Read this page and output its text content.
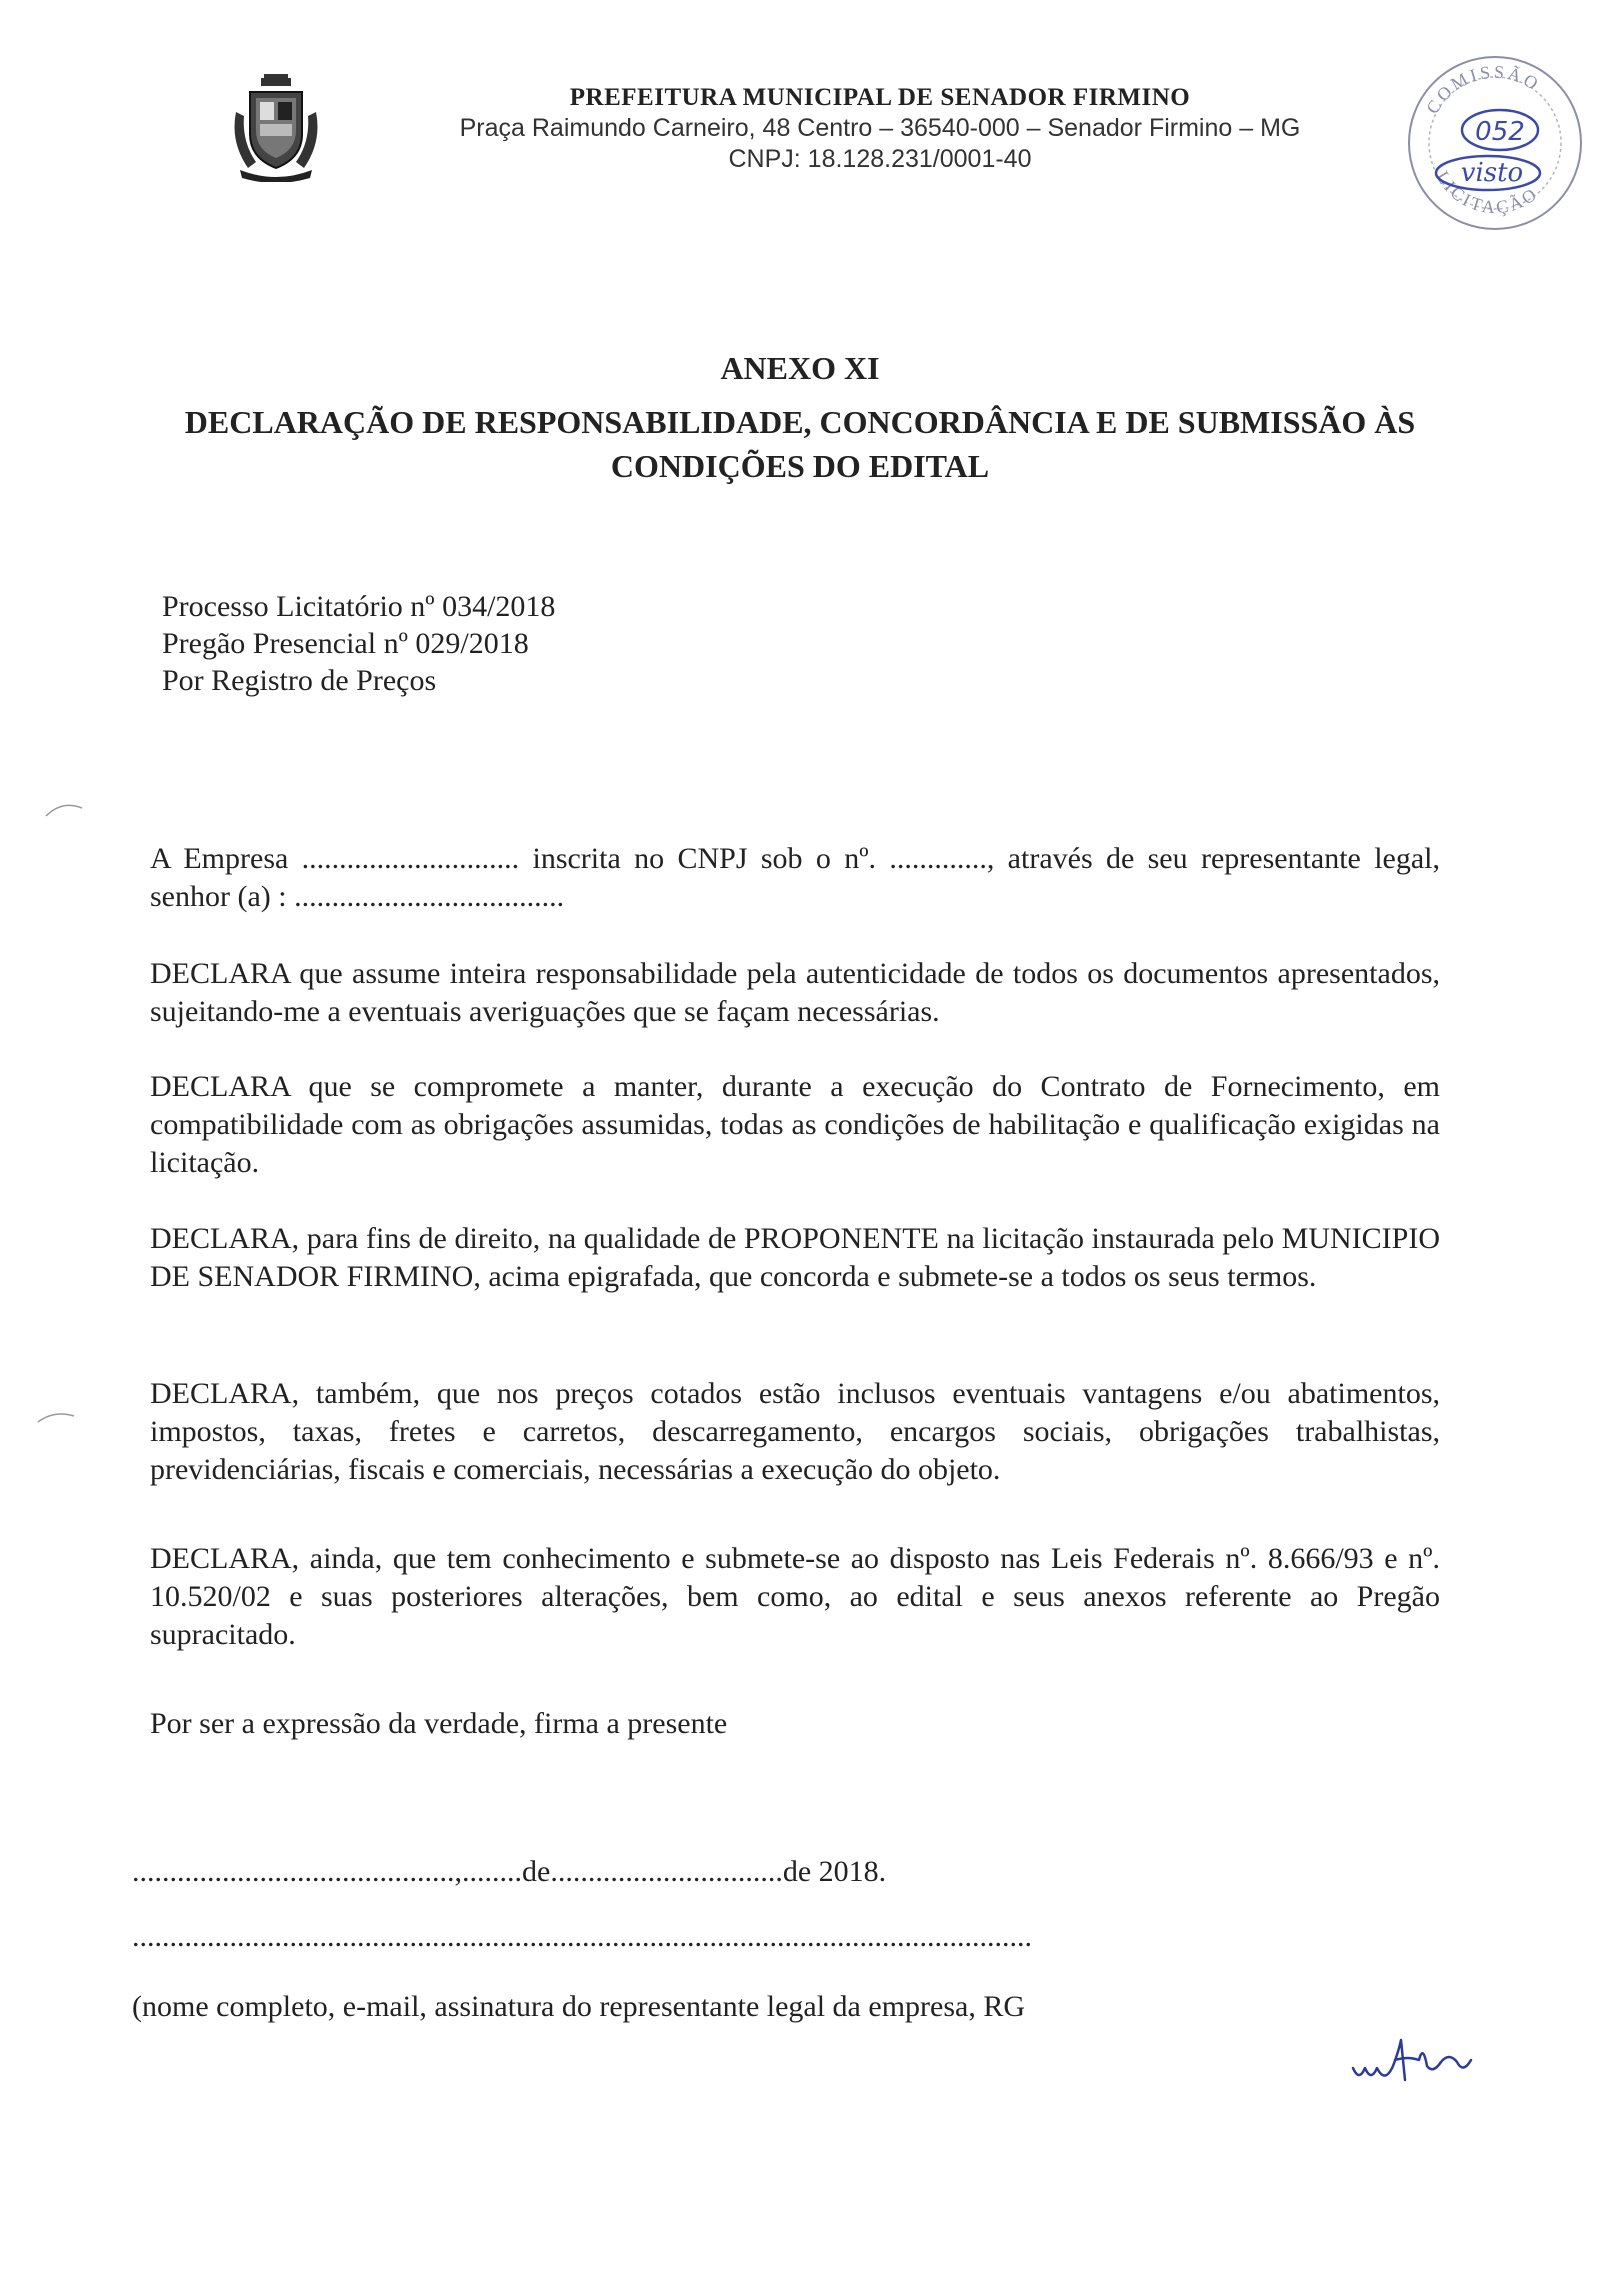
PREFEITURA MUNICIPAL DE SENADOR FIRMINO
Praça Raimundo Carneiro, 48 Centro – 36540-000 – Senador Firmino – MG
CNPJ: 18.128.231/0001-40
COMISSÃO
LICITAÇÃO
052
visto
ANEXO XI
DECLARAÇÃO DE RESPONSABILIDADE, CONCORDÂNCIA E DE SUBMISSÃO ÀS
CONDIÇÕES DO EDITAL
Processo Licitatório nº 034/2018
Pregão Presencial nº 029/2018
Por Registro de Preços
A Empresa ............................. inscrita no CNPJ sob o nº. ............., através de seu representante legal, senhor (a) : ....................................
DECLARA que assume inteira responsabilidade pela autenticidade de todos os documentos apresentados, sujeitando-me a eventuais averiguações que se façam necessárias.
DECLARA que se compromete a manter, durante a execução do Contrato de Fornecimento, em compatibilidade com as obrigações assumidas, todas as condições de habilitação e qualificação exigidas na licitação.
DECLARA, para fins de direito, na qualidade de PROPONENTE na licitação instaurada pelo MUNICIPIO DE SENADOR FIRMINO, acima epigrafada, que concorda e submete-se a todos os seus termos.
DECLARA, também, que nos preços cotados estão inclusos eventuais vantagens e/ou abatimentos, impostos, taxas, fretes e carretos, descarregamento, encargos sociais, obrigações trabalhistas, previdenciárias, fiscais e comerciais, necessárias a execução do objeto.
DECLARA, ainda, que tem conhecimento e submete-se ao disposto nas Leis Federais nº. 8.666/93 e nº. 10.520/02 e suas posteriores alterações, bem como, ao edital e seus anexos referente ao Pregão supracitado.
Por ser a expressão da verdade, firma a presente
...........................................,........de...............................de 2018.
........................................................................................................................
(nome completo, e-mail, assinatura do representante legal da empresa, RG
